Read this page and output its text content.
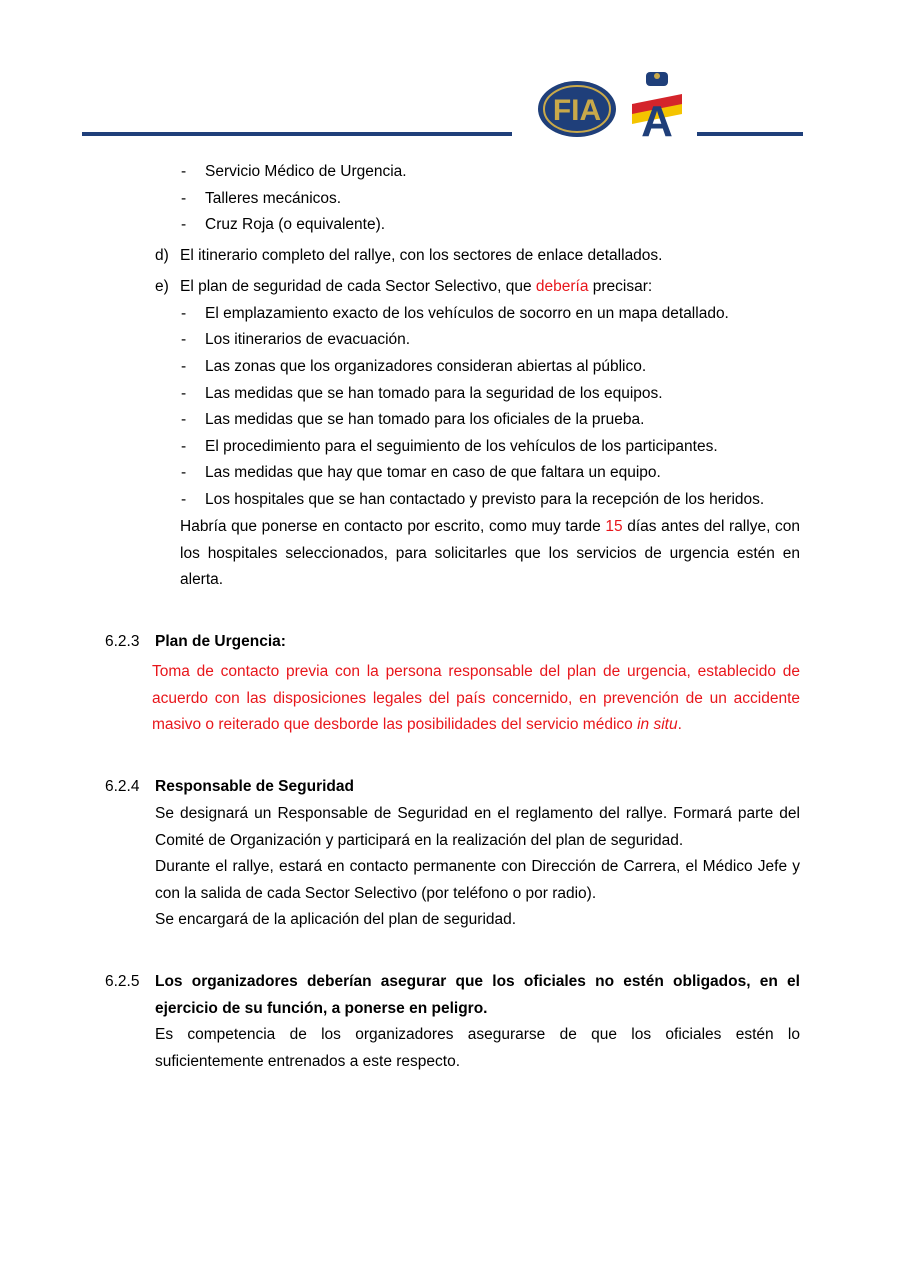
FIA A
- Servicio Médico de Urgencia.
- Talleres mecánicos.
- Cruz Roja (o equivalente).
d) El itinerario completo del rallye, con los sectores de enlace detallados.
e) El plan de seguridad de cada Sector Selectivo, que debería precisar:
- El emplazamiento exacto de los vehículos de socorro en un mapa detallado.
- Los itinerarios de evacuación.
- Las zonas que los organizadores consideran abiertas al público.
- Las medidas que se han tomado para la seguridad de los equipos.
- Las medidas que se han tomado para los oficiales de la prueba.
- El procedimiento para el seguimiento de los vehículos de los participantes.
- Las medidas que hay que tomar en caso de que faltara un equipo.
- Los hospitales que se han contactado y previsto para la recepción de los heridos.

Habría que ponerse en contacto por escrito, como muy tarde 15 días antes del rallye, con los hospitales seleccionados, para solicitarles que los servicios de urgencia estén en alerta.

6.2.3 Plan de Urgencia:

Toma de contacto previa con la persona responsable del plan de urgencia, establecido de acuerdo con las disposiciones legales del país concernido, en prevención de un accidente masivo o reiterado que desborde las posibilidades del servicio médico in situ.

6.2.4 Responsable de Seguridad

Se designará un Responsable de Seguridad en el reglamento del rallye. Formará parte del Comité de Organización y participará en la realización del plan de seguridad.

Durante el rallye, estará en contacto permanente con Dirección de Carrera, el Médico Jefe y con la salida de cada Sector Selectivo (por teléfono o por radio).

Se encargará de la aplicación del plan de seguridad.

6.2.5 Los organizadores deberían asegurar que los oficiales no estén obligados, en el ejercicio de su función, a ponerse en peligro.

Es competencia de los organizadores asegurarse de que los oficiales estén lo suficientemente entrenados a este respecto.
